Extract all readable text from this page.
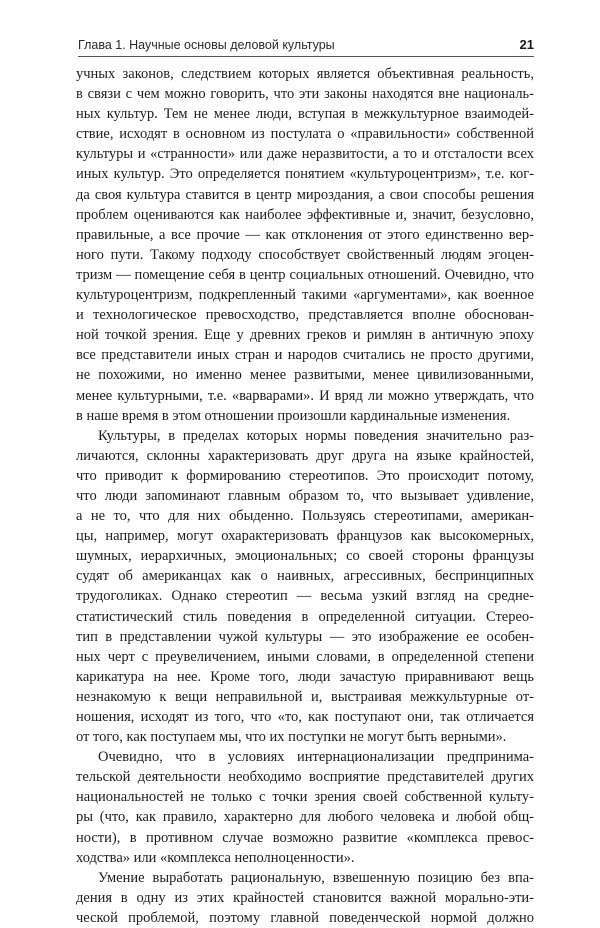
Глава 1. Научные основы деловой культуры	21

учных законов, следствием которых является объективная реальность,

в связи с чем можно говорить, что эти законы находятся вне националь-

ных культур. Тем не менее люди, вступая в межкультурное взаимодей-

ствие, исходят в основном из постулата о «правильности» собственной

культуры и «странности» или даже неразвитости, а то и отсталости всех

иных культур. Это определяется понятием «культуроцентризм», т.е. ког-

да своя культура ставится в центр мироздания, а свои способы решения

проблем оцениваются как наиболее эффективные и, значит, безусловно,

правильные, а все прочие — как отклонения от этого единственно вер-

ного пути. Такому подходу способствует свойственный людям эгоцен-

тризм — помещение себя в центр социальных отношений. Очевидно, что

культуроцентризм, подкрепленный такими «аргументами», как военное

и технологическое превосходство, представляется вполне обоснован-

ной точкой зрения. Еще у древних греков и римлян в античную эпоху

все представители иных стран и народов считались не просто другими,

не похожими, но именно менее развитыми, менее цивилизованными,

менее культурными, т.е. «варварами». И вряд ли можно утверждать, что

в наше время в этом отношении произошли кардинальные изменения.

Культуры, в пределах которых нормы поведения значительно раз-

личаются, склонны характеризовать друг друга на языке крайностей,

что приводит к формированию стереотипов. Это происходит потому,

что люди запоминают главным образом то, что вызывает удивление,

а не то, что для них обыденно. Пользуясь стереотипами, американ-

цы, например, могут охарактеризовать французов как высокомерных,

шумных, иерархичных, эмоциональных; со своей стороны французы

судят об американцах как о наивных, агрессивных, беспринципных

трудоголиках. Однако стереотип — весьма узкий взгляд на средне-

статистический стиль поведения в определенной ситуации. Стерео-

тип в представлении чужой культуры — это изображение ее особен-

ных черт с преувеличением, иными словами, в определенной степени

карикатура на нее. Кроме того, люди зачастую приравнивают вещь

незнакомую к вещи неправильной и, выстраивая межкультурные от-

ношения, исходят из того, что «то, как поступают они, так отличается

от того, как поступаем мы, что их поступки не могут быть верными».

Очевидно, что в условиях интернационализации предпринима-

тельской деятельности необходимо восприятие представителей других

национальностей не только с точки зрения своей собственной культу-

ры (что, как правило, характерно для любого человека и любой общ-

ности), в противном случае возможно развитие «комплекса превос-

ходства» или «комплекса неполноценности».

Умение выработать рациональную, взвешенную позицию без впа-

дения в одну из этих крайностей становится важной морально-эти-

ческой проблемой, поэтому главной поведенческой нормой должно
